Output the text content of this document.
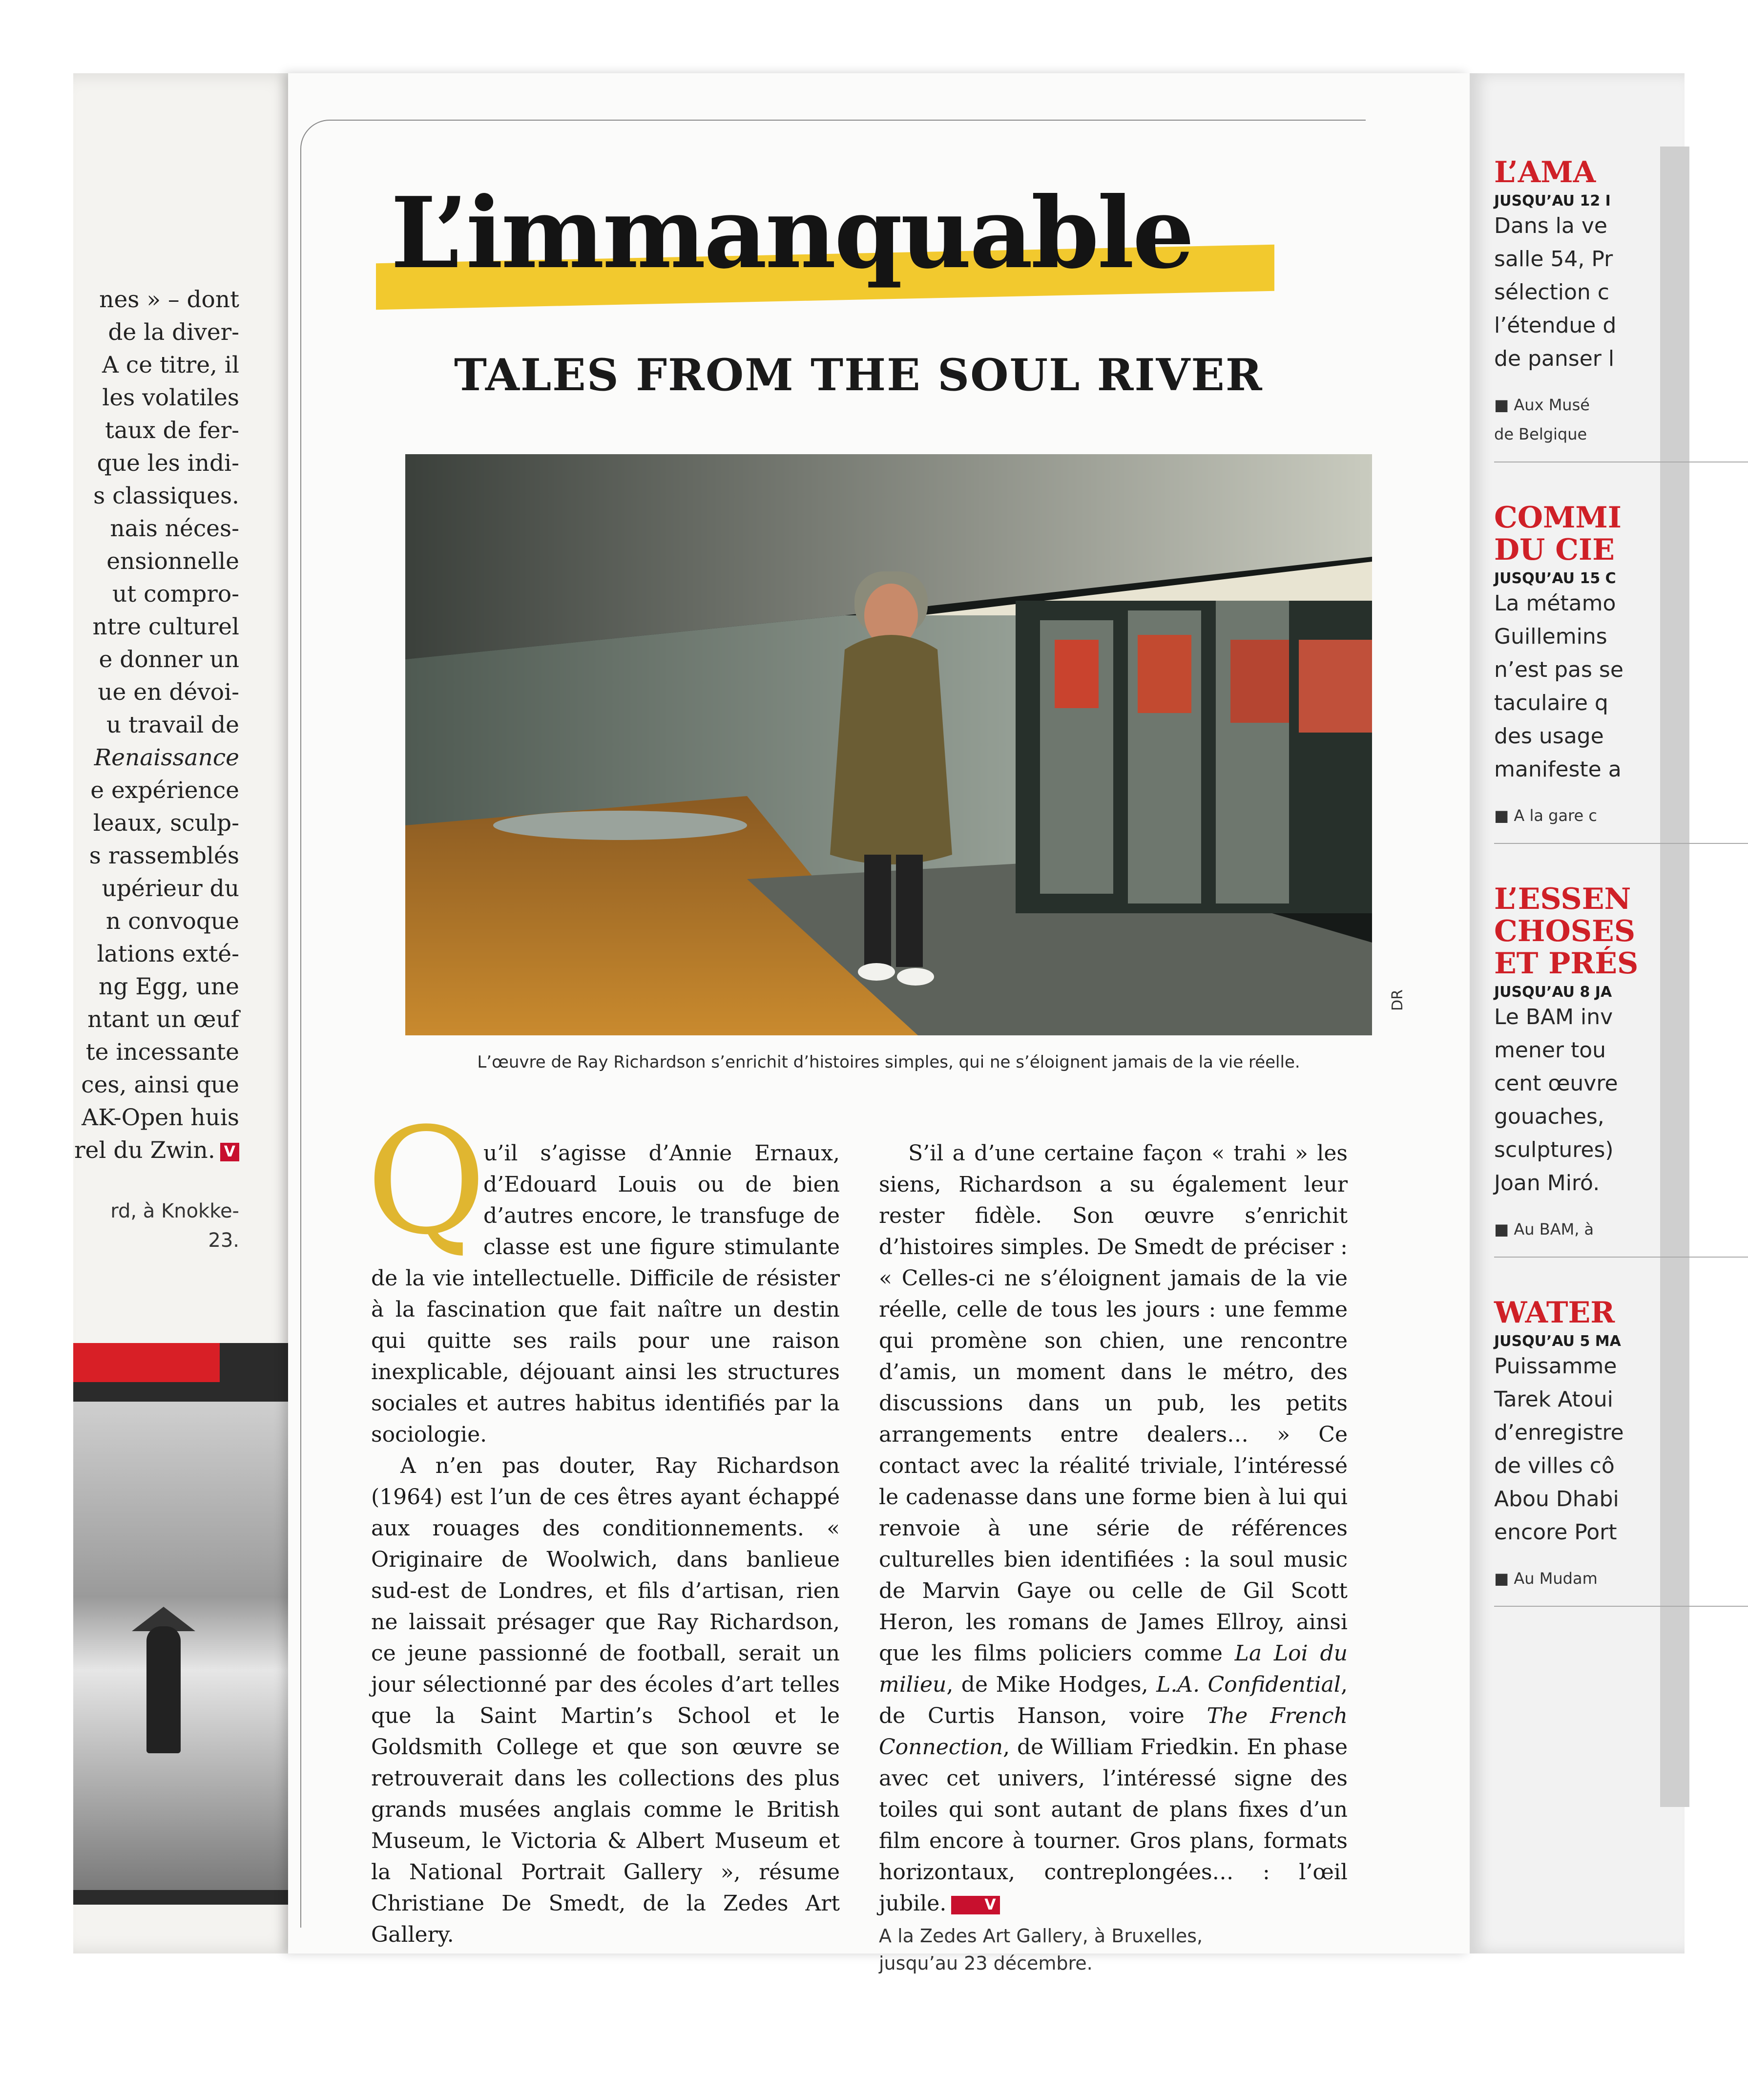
nes » – dont
de la diver-
A ce titre, il
les volatiles
taux de fer-
que les indi-
s classiques.
nais néces-
ensionnelle
ut compro-
ntre culturel
e donner un
ue en dévoi-
u travail de
Renaissance
e expérience
leaux, sculp-
s rassemblés
upérieur du
n convoque
lations exté-
ng Egg, une
ntant un œuf
te incessante
ces, ainsi que
AK-Open huis
rel du Zwin. V
rd, à Knokke-
23.
L’immanquable
TALES FROM THE SOUL RIVER
DR
L’œuvre de Ray Richardson s’enrichit d’histoires simples, qui ne s’éloignent jamais de la vie réelle.
Q

u’il s’agisse d’Annie Ernaux, d’Edouard Louis ou de bien d’autres encore, le transfuge de classe est une figure stimulante de la vie intellectuelle. Difficile de résister à la fascination que fait naître un destin qui quitte ses rails pour une raison inexplicable, déjouant ainsi les structures sociales et autres habitus identifiés par la sociologie.

A n’en pas douter, Ray Richardson (1964) est l’un de ces êtres ayant échappé aux rouages des conditionnements. « Originaire de Woolwich, dans banlieue sud-est de Londres, et fils d’artisan, rien ne laissait présager que Ray Richardson, ce jeune passionné de football, serait un jour sélectionné par des écoles d’art telles que la Saint Martin’s School et le Goldsmith College et que son œuvre se retrouverait dans les collections des plus grands musées anglais comme le British Museum, le Victoria & Albert Museum et la National Portrait Gallery », résume Christiane De Smedt, de la Zedes Art Gallery.

S’il a d’une certaine façon « trahi » les siens, Richardson a su également leur rester fidèle. Son œuvre s’enrichit d’histoires simples. De Smedt de préciser : « Celles-ci ne s’éloignent jamais de la vie réelle, celle de tous les jours : une femme qui promène son chien, une rencontre d’amis, un moment dans le métro, des discussions dans un pub, les petits arrangements entre dealers… » Ce contact avec la réalité triviale, l’intéressé le cadenasse dans une forme bien à lui qui renvoie à une série de références culturelles bien identifiées : la soul music de Marvin Gaye ou celle de Gil Scott Heron, les romans de James Ellroy, ainsi que les films policiers comme La Loi du milieu, de Mike Hodges, L.A. Confidential, de Curtis Hanson, voire The French Connection, de William Friedkin. En phase avec cet univers, l’intéressé signe des toiles qui sont autant de plans fixes d’un film encore à tourner. Gros plans, formats horizontaux, contreplongées… : l’œil jubile.	V

A la Zedes Art Gallery, à Bruxelles,
jusqu’au 23 décembre.
L’AMA
JUSQU’AU 12 I
Dans la ve
salle 54, Pr
sélection c
l’étendue d
de panser l
■ Aux Musé
de Belgique
COMMI
DU CIE
JUSQU’AU 15 C
La métamo
Guillemins
n’est pas se
taculaire q
des usage
manifeste a
■ A la gare c
L’ESSEN
CHOSES
ET PRÉS
JUSQU’AU 8 JA
Le BAM inv
mener tou
cent œuvre
gouaches,
sculptures)
Joan Miró.
■ Au BAM, à
WATER
JUSQU’AU 5 MA
Puissamme
Tarek Atoui
d’enregistre
de villes cô
Abou Dhabi
encore Port
■ Au Mudam
